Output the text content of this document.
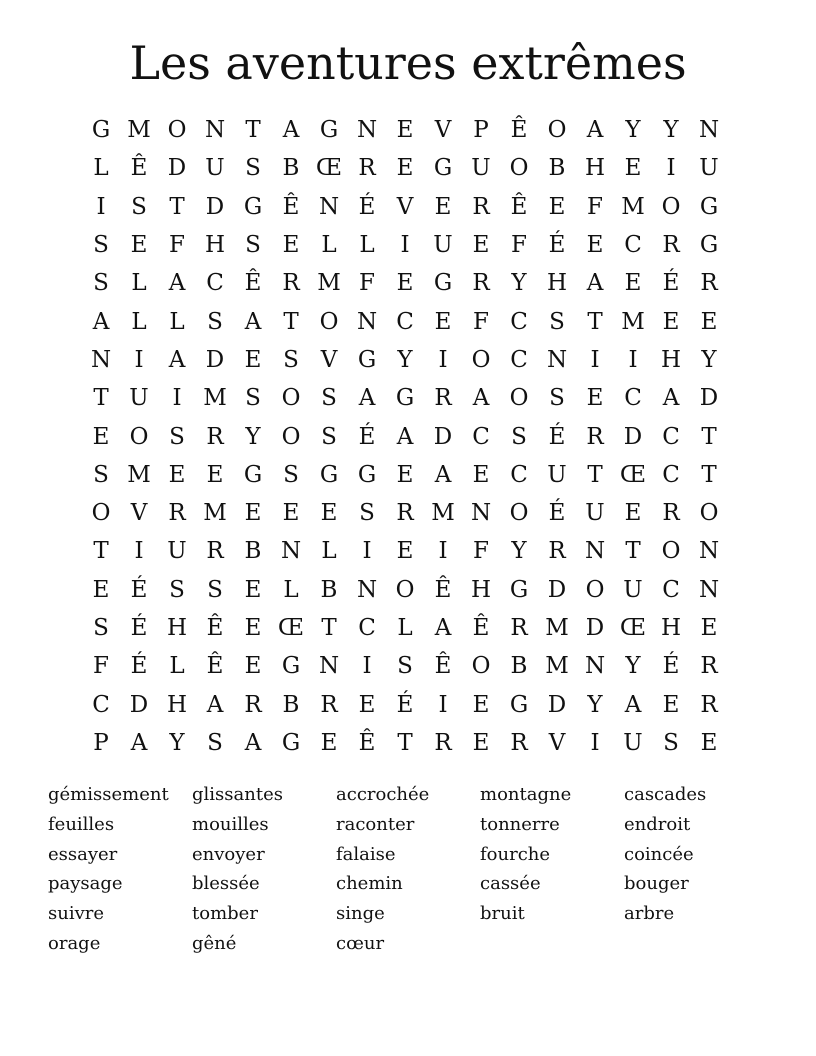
Les aventures extrêmes
G M O N T A G N E V P Ê O A Y Y N
L Ê D U S B Œ R E G U O B H E	I	U
I	S T D G Ê N É V E R Ê E F M O G
S E F H S E L L	I	U E F É E C R G
S L A C Ê R M F E G R Y H A E É R
A L L S A T O N C E F C S T M E E
N	I	A D E S V G Y	I	O C N	I	I	H Y
T U	I M S O S A G R A O S E C A D
E O S R Y O S É A D C S É R D C T
S M E E G S G G E A E C U T Œ C T
O V R M E E E S R M N O É U E R O
T	I	U R B N L	I	E	I	F Y R N T O N
E É S S E L B N O Ê H G D O U C N
S É H Ê E Œ T C L A Ê R M D Œ H E
F É L Ê E G N	I	S Ê O B M N Y É R
C D H A R B R E É	I	E G D Y A E R
P A Y S A G E Ê T R E R V	I	U S E
gémissement
feuilles
essayer
paysage
suivre
orage
glissantes
mouilles
envoyer
blessée
tomber
gêné
accrochée
raconter
falaise
chemin
singe
cœur
montagne
tonnerre
fourche
cassée
bruit
cascades
endroit
coincée
bouger
arbre
